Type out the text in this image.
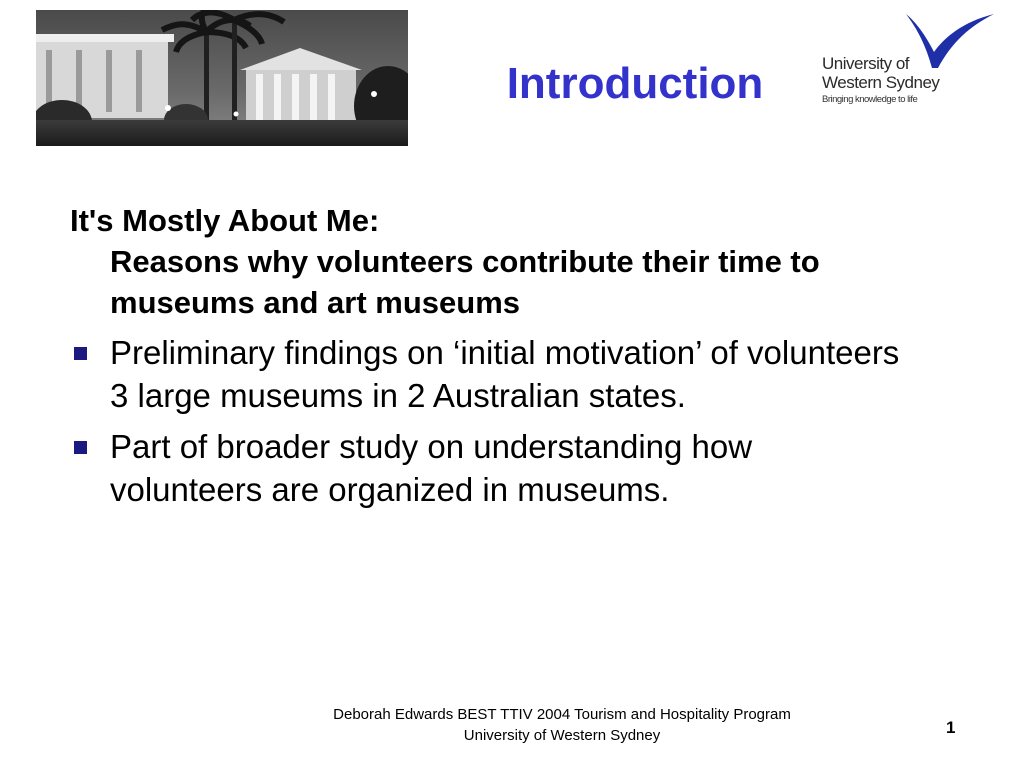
Introduction	University of
Western Sydney
Bringing knowledge to life

It's Mostly About Me:

Reasons why volunteers contribute their time to museums and art museums

Preliminary findings on ‘initial motivation’ of volunteers 3 large museums in 2 Australian states.
Part of broader study on understanding how volunteers are organized in museums.
Deborah Edwards BEST TTIV 2004 Tourism and Hospitality Program
University of Western Sydney	1
